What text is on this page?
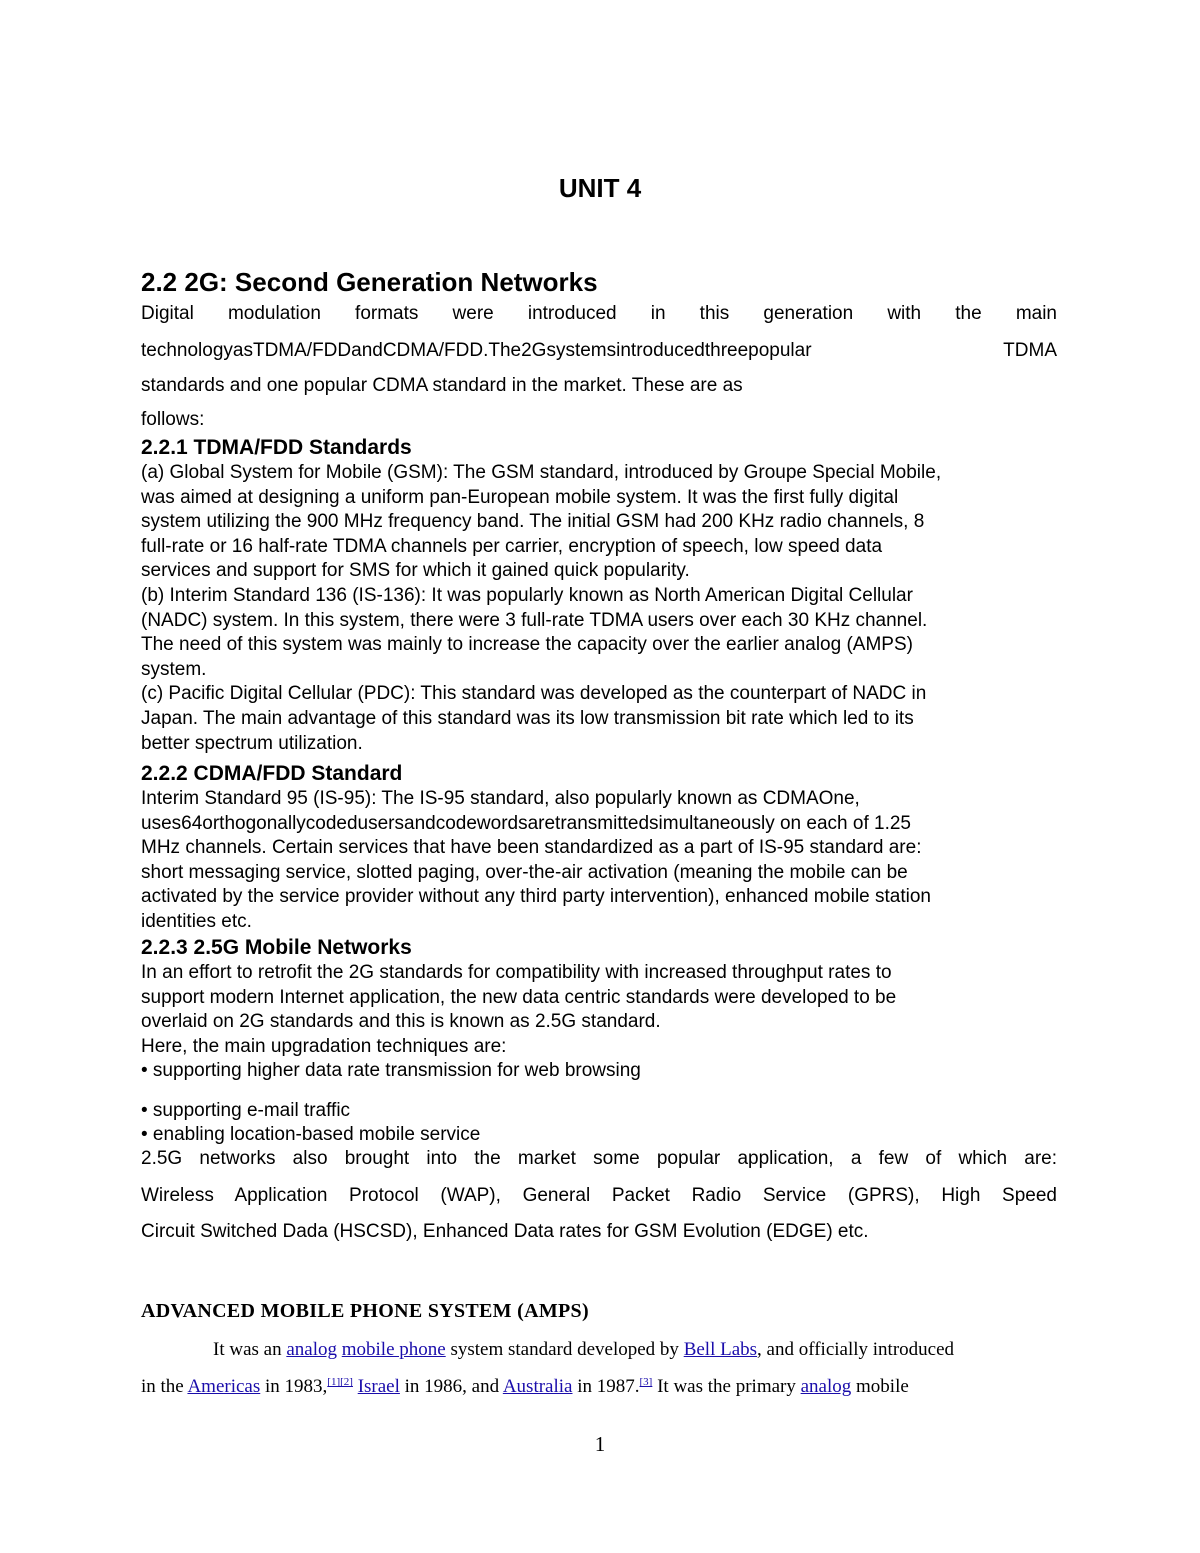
UNIT 4
2.2 2G: Second Generation Networks
Digital modulation formats were introduced in this generation with the main
technologyasTDMA/FDDandCDMA/FDD.The2Gsystemsintroducedthreepopular	TDMA
standards and one popular CDMA standard in the market. These are as
follows:
2.2.1 TDMA/FDD Standards
(a) Global System for Mobile (GSM): The GSM standard, introduced by Groupe Special Mobile,
was aimed at designing a uniform pan-European mobile system. It was the first fully digital
system utilizing the 900 MHz frequency band. The initial GSM had 200 KHz radio channels, 8
full-rate or 16 half-rate TDMA channels per carrier, encryption of speech, low speed data
services and support for SMS for which it gained quick popularity.
(b) Interim Standard 136 (IS-136): It was popularly known as North American Digital Cellular
(NADC) system. In this system, there were 3 full-rate TDMA users over each 30 KHz channel.
The need of this system was mainly to increase the capacity over the earlier analog (AMPS)
system.
(c) Pacific Digital Cellular (PDC): This standard was developed as the counterpart of NADC in
Japan. The main advantage of this standard was its low transmission bit rate which led to its
better spectrum utilization.
2.2.2 CDMA/FDD Standard
Interim Standard 95 (IS-95): The IS-95 standard, also popularly known as CDMAOne,
uses64orthogonallycodedusersandcodewordsaretransmittedsimultaneously on each of 1.25
MHz channels. Certain services that have been standardized as a part of IS-95 standard are:
short messaging service, slotted paging, over-the-air activation (meaning the mobile can be
activated by the service provider without any third party intervention), enhanced mobile station
identities etc.
2.2.3 2.5G Mobile Networks
In an effort to retrofit the 2G standards for compatibility with increased throughput rates to
support modern Internet application, the new data centric standards were developed to be
overlaid on 2G standards and this is known as 2.5G standard.
Here, the main upgradation techniques are:
• supporting higher data rate transmission for web browsing
• supporting e-mail traffic
• enabling location-based mobile service
2.5G networks also brought into the market some popular application, a few of which are:
Wireless Application Protocol (WAP), General Packet Radio Service (GPRS), High Speed
Circuit Switched Dada (HSCSD), Enhanced Data rates for GSM Evolution (EDGE) etc.
ADVANCED MOBILE PHONE SYSTEM (AMPS)
It was an analog mobile phone system standard developed by Bell Labs, and officially introduced
in the Americas in 1983,[1][2] Israel in 1986, and Australia in 1987.[3] It was the primary analog mobile
1
